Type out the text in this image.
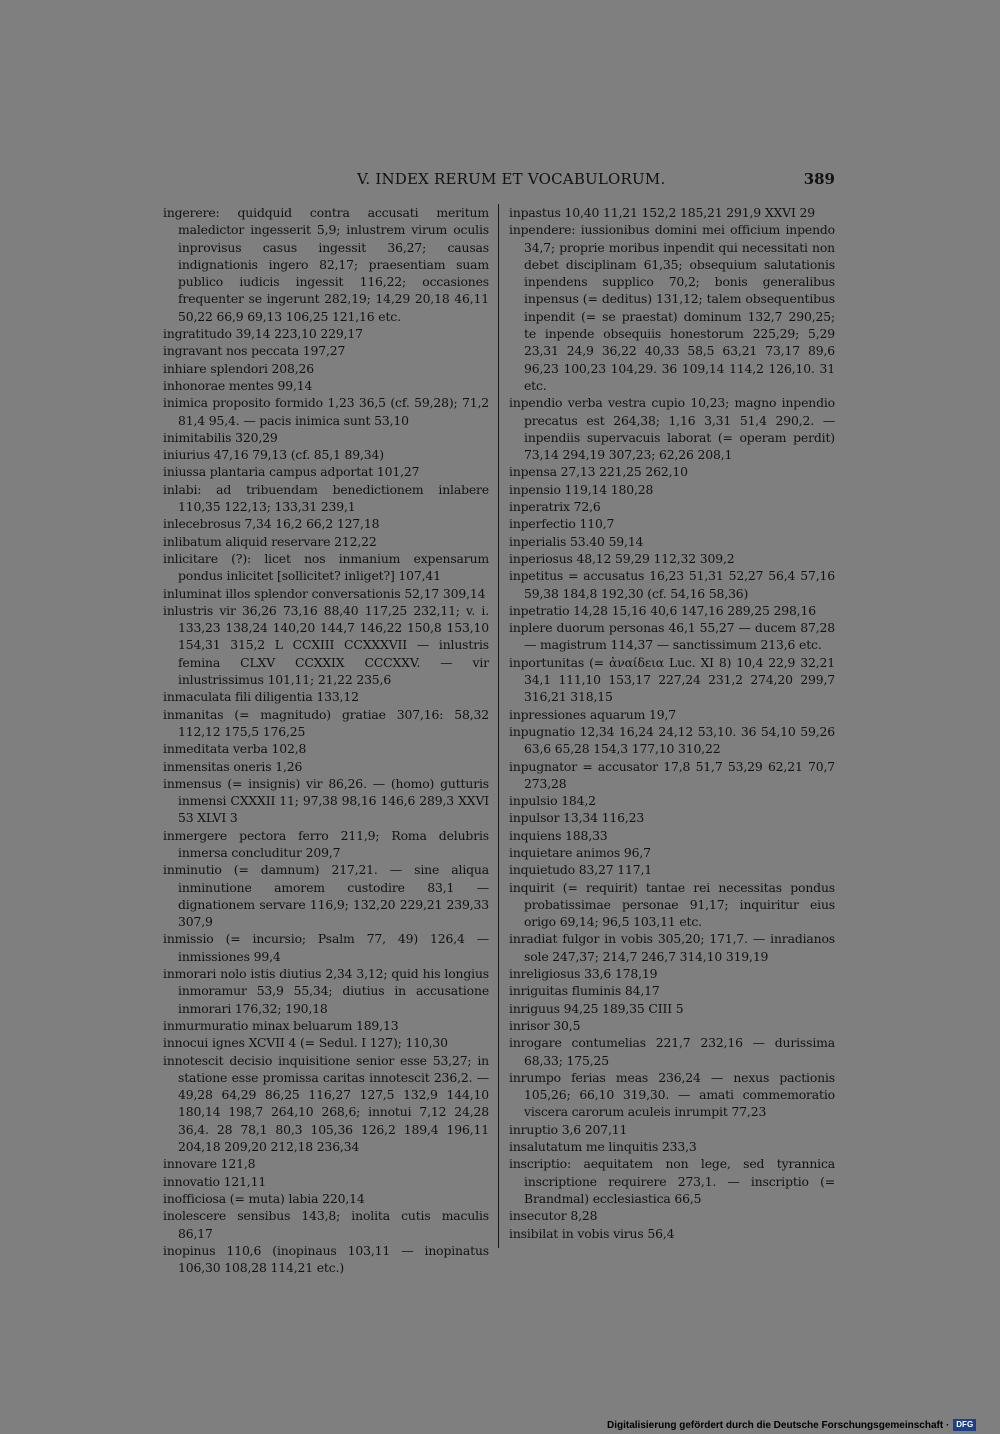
V. INDEX RERUM ET VOCABULORUM.	389
ingerere: quidquid contra accusati meritum maledictor ingesserit 5,9; inlustrem virum oculis inprovisus casus ingessit 36,27; causas indignationis ingero 82,17; praesentiam suam publico iudicis ingessit 116,22; occasiones frequenter se ingerunt 282,19; 14,29 20,18 46,11 50,22 66,9 69,13 106,25 121,16 etc.
ingratitudo 39,14 223,10 229,17
ingravant nos peccata 197,27
inhiare splendori 208,26
inhonorae mentes 99,14
inimica proposito formido 1,23 36,5 (cf. 59,28); 71,2 81,4 95,4. — pacis inimica sunt 53,10
inimitabilis 320,29
iniurius 47,16 79,13 (cf. 85,1 89,34)
iniussa plantaria campus adportat 101,27
inlabi: ad tribuendam benedictionem inlabere 110,35 122,13; 133,31 239,1
inlecebrosus 7,34 16,2 66,2 127,18
inlibatum aliquid reservare 212,22
inlicitare (?): licet nos inmanium expensarum pondus inlicitet [sollicitet? inliget?] 107,41
inluminat illos splendor conversationis 52,17 309,14
inlustris vir 36,26 73,16 88,40 117,25 232,11; v. i. 133,23 138,24 140,20 144,7 146,22 150,8 153,10 154,31 315,2 L CCXIII CCXXXVII — inlustris femina CLXV CCXXIX CCCXXV. — vir inlustrissimus 101,11; 21,22 235,6
inmaculata fili diligentia 133,12
inmanitas (= magnitudo) gratiae 307,16: 58,32 112,12 175,5 176,25
inmeditata verba 102,8
inmensitas oneris 1,26
inmensus (= insignis) vir 86,26. — (homo) gutturis inmensi CXXXII 11; 97,38 98,16 146,6 289,3 XXVI 53 XLVI 3
inmergere pectora ferro 211,9; Roma delubris inmersa concluditur 209,7
inminutio (= damnum) 217,21. — sine aliqua inminutione amorem custodire 83,1 — dignationem servare 116,9; 132,20 229,21 239,33 307,9
inmissio (= incursio; Psalm 77, 49) 126,4 — inmissiones 99,4
inmorari nolo istis diutius 2,34 3,12; quid his longius inmoramur 53,9 55,34; diutius in accusatione inmorari 176,32; 190,18
inmurmuratio minax beluarum 189,13
innocui ignes XCVII 4 (= Sedul. I 127); 110,30
innotescit decisio inquisitione senior esse 53,27; in statione esse promissa caritas innotescit 236,2. — 49,28 64,29 86,25 116,27 127,5 132,9 144,10 180,14 198,7 264,10 268,6; innotui 7,12 24,28 36,4. 28 78,1 80,3 105,36 126,2 189,4 196,11 204,18 209,20 212,18 236,34
innovare 121,8
innovatio 121,11
inofficiosa (= muta) labia 220,14
inolescere sensibus 143,8; inolita cutis maculis 86,17
inopinus 110,6 (inopinaus 103,11 — inopinatus 106,30 108,28 114,21 etc.)
inpastus 10,40 11,21 152,2 185,21 291,9 XXVI 29
inpendere: iussionibus domini mei officium inpendo 34,7; proprie moribus inpendit qui necessitati non debet disciplinam 61,35; obsequium salutationis inpendens supplico 70,2; bonis generalibus inpensus (= deditus) 131,12; talem obsequentibus inpendit (= se praestat) dominum 132,7 290,25; te inpende obsequiis honestorum 225,29; 5,29 23,31 24,9 36,22 40,33 58,5 63,21 73,17 89,6 96,23 100,23 104,29. 36 109,14 114,2 126,10. 31 etc.
inpendio verba vestra cupio 10,23; magno inpendio precatus est 264,38; 1,16 3,31 51,4 290,2. — inpendiis supervacuis laborat (= operam perdit) 73,14 294,19 307,23; 62,26 208,1
inpensa 27,13 221,25 262,10
inpensio 119,14 180,28
inperatrix 72,6
inperfectio 110,7
inperialis 53.40 59,14
inperiosus 48,12 59,29 112,32 309,2
inpetitus = accusatus 16,23 51,31 52,27 56,4 57,16 59,38 184,8 192,30 (cf. 54,16 58,36)
inpetratio 14,28 15,16 40,6 147,16 289,25 298,16
inplere duorum personas 46,1 55,27 — ducem 87,28 — magistrum 114,37 — sanctissimum 213,6 etc.
inportunitas (= ἀναίδεια Luc. XI 8) 10,4 22,9 32,21 34,1 111,10 153,17 227,24 231,2 274,20 299,7 316,21 318,15
inpressiones aquarum 19,7
inpugnatio 12,34 16,24 24,12 53,10. 36 54,10 59,26 63,6 65,28 154,3 177,10 310,22
inpugnator = accusator 17,8 51,7 53,29 62,21 70,7 273,28
inpulsio 184,2
inpulsor 13,34 116,23
inquiens 188,33
inquietare animos 96,7
inquietudo 83,27 117,1
inquirit (= requirit) tantae rei necessitas pondus probatissimae personae 91,17; inquiritur eius origo 69,14; 96,5 103,11 etc.
inradiat fulgor in vobis 305,20; 171,7. — inradianos sole 247,37; 214,7 246,7 314,10 319,19
inreligiosus 33,6 178,19
inriguitas fluminis 84,17
inriguus 94,25 189,35 CIII 5
inrisor 30,5
inrogare contumelias 221,7 232,16 — durissima 68,33; 175,25
inrumpo ferias meas 236,24 — nexus pactionis 105,26; 66,10 319,30. — amati commemoratio viscera carorum aculeis inrumpit 77,23
inruptio 3,6 207,11
insalutatum me linquitis 233,3
inscriptio: aequitatem non lege, sed tyrannica inscriptione requirere 273,1. — inscriptio (= Brandmal) ecclesiastica 66,5
insecutor 8,28
insibilat in vobis virus 56,4
Digitalisierung gefördert durch die Deutsche Forschungsgemeinschaft · DFG
